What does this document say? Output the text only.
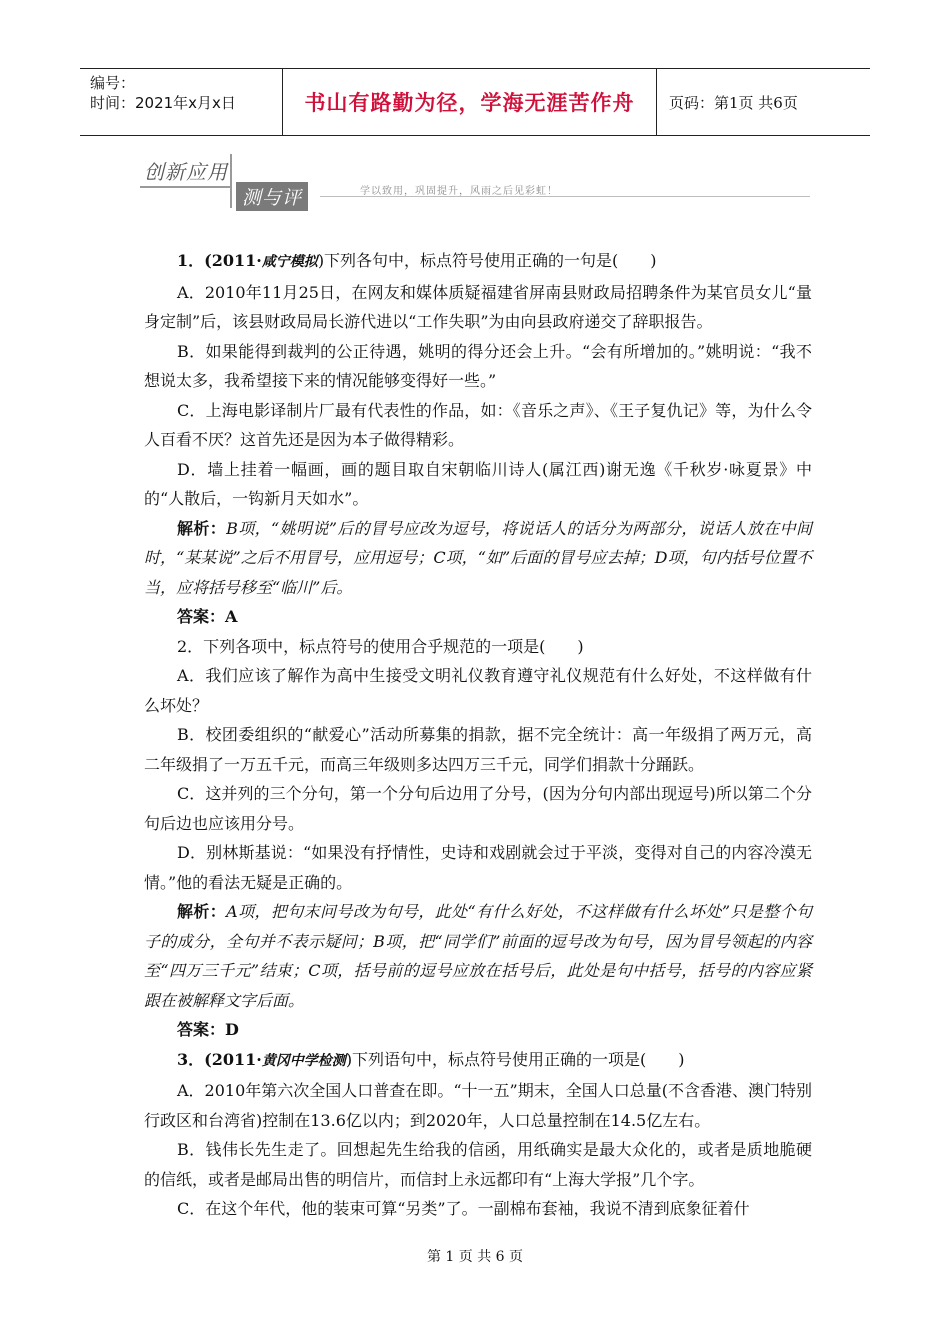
编号：
时间：2021年x月x日	书山有路勤为径，学海无涯苦作舟 页码：第1页 共6页
创新应用
测与评	学以致用，巩固提升，风雨之后见彩虹！

1．(2011·咸宁模拟)下列各句中，标点符号使用正确的一句是(　　)

A．2010年11月25日，在网友和媒体质疑福建省屏南县财政局招聘条件为某官员女儿“量身定制”后，该县财政局局长游代进以“工作失职”为由向县政府递交了辞职报告。

B．如果能得到裁判的公正待遇，姚明的得分还会上升。“会有所增加的。”姚明说：“我不想说太多，我希望接下来的情况能够变得好一些。”

C．上海电影译制片厂最有代表性的作品，如：《音乐之声》、《王子复仇记》等，为什么令人百看不厌？这首先还是因为本子做得精彩。

D．墙上挂着一幅画，画的题目取自宋朝临川诗人(属江西)谢无逸《千秋岁·咏夏景》中的“人散后，一钩新月天如水”。

解析：B项，“姚明说”后的冒号应改为逗号，将说话人的话分为两部分，说话人放在中间时，“某某说”之后不用冒号，应用逗号；C项，“如”后面的冒号应去掉；D项，句内括号位置不当，应将括号移至“临川”后。

答案：A

2．下列各项中，标点符号的使用合乎规范的一项是(　　)

A．我们应该了解作为高中生接受文明礼仪教育遵守礼仪规范有什么好处，不这样做有什么坏处？

B．校团委组织的“献爱心”活动所募集的捐款，据不完全统计：高一年级捐了两万元，高二年级捐了一万五千元，而高三年级则多达四万三千元，同学们捐款十分踊跃。

C．这并列的三个分句，第一个分句后边用了分号，(因为分句内部出现逗号)所以第二个分句后边也应该用分号。

D．别林斯基说：“如果没有抒情性，史诗和戏剧就会过于平淡，变得对自己的内容冷漠无情。”他的看法无疑是正确的。

解析：A项，把句末问号改为句号，此处“有什么好处，不这样做有什么坏处”只是整个句子的成分，全句并不表示疑问；B项，把“同学们”前面的逗号改为句号，因为冒号领起的内容至“四万三千元”结束；C项，括号前的逗号应放在括号后，此处是句中括号，括号的内容应紧跟在被解释文字后面。

答案：D

3．(2011·黄冈中学检测)下列语句中，标点符号使用正确的一项是(　　)

A．2010年第六次全国人口普查在即。“十一五”期末，全国人口总量(不含香港、澳门特别行政区和台湾省)控制在13.6亿以内；到2020年，人口总量控制在14.5亿左右。

B．钱伟长先生走了。回想起先生给我的信函，用纸确实是最大众化的，或者是质地脆硬的信纸，或者是邮局出售的明信片，而信封上永远都印有“上海大学报”几个字。

C．在这个年代，他的装束可算“另类”了。一副棉布套袖，我说不清到底象征着什

第 1 页 共 6 页
